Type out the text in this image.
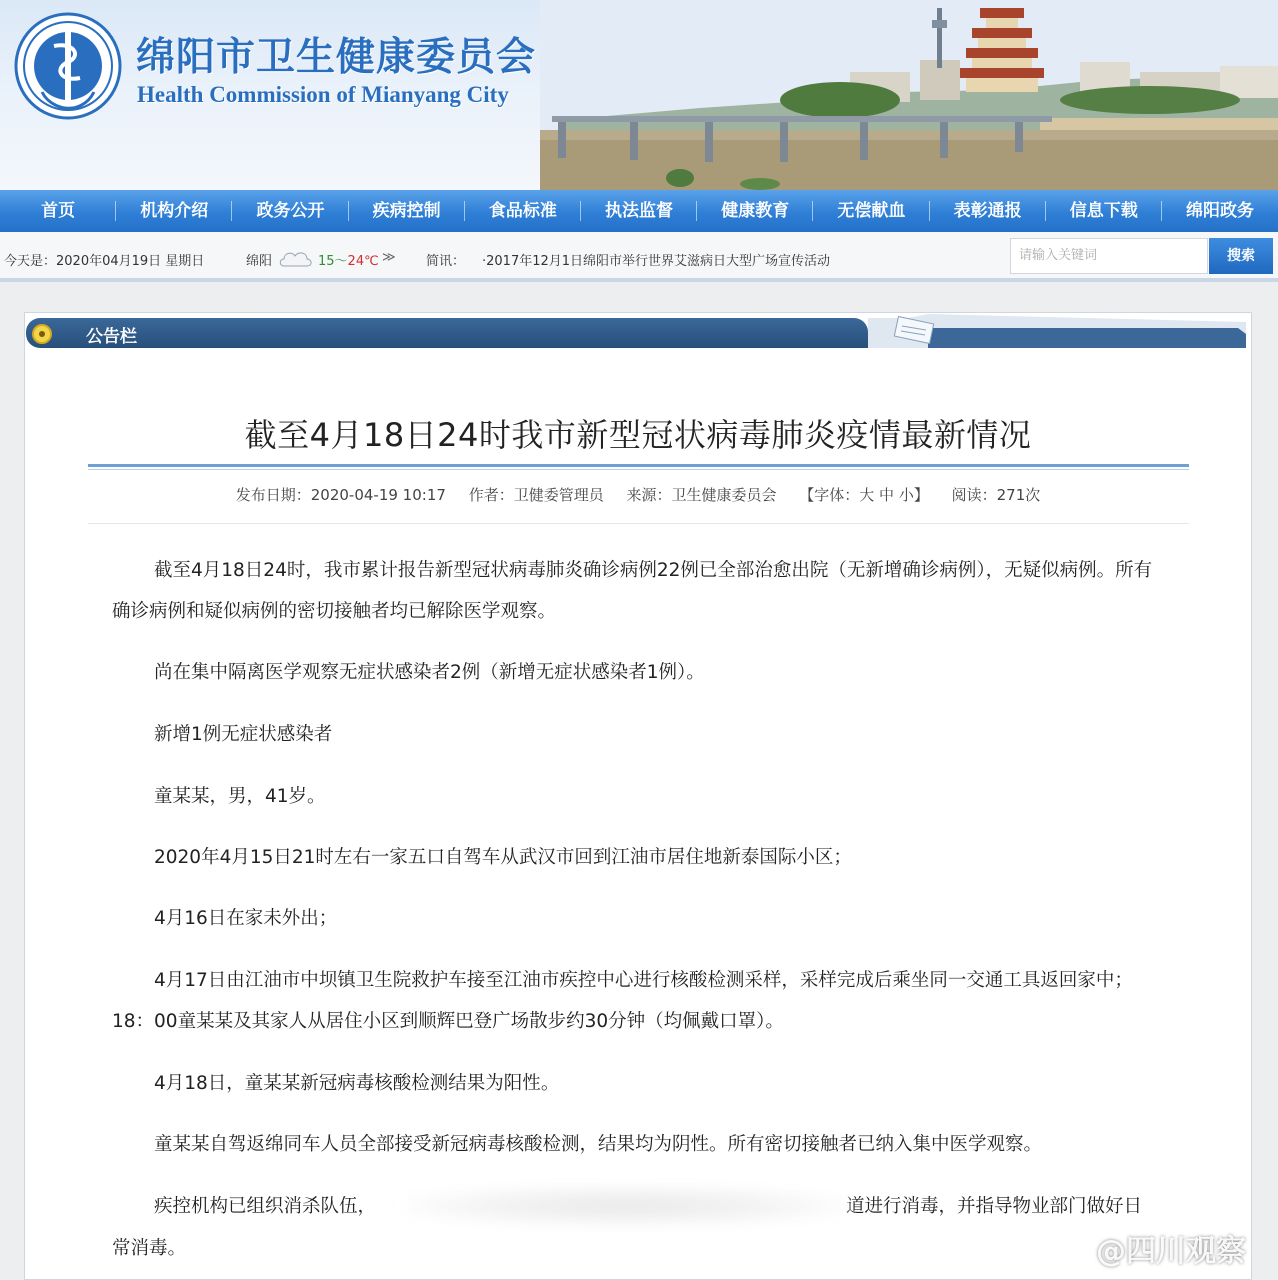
绵阳市卫生健康委员会
Health Commission of Mianyang City
首页	机构介绍	政务公开	疾病控制	食品标准	执法监督	健康教育	无偿献血	表彰通报	信息下载	绵阳政务
今天是：2020年04月19日 星期日	绵阳	15～24℃ ≫ 简讯： ·2017年12月1日绵阳市举行世界艾滋病日大型广场宣传活动	请输入关键词	搜索
公告栏
截至4月18日24时我市新型冠状病毒肺炎疫情最新情况
发布日期：2020-04-19 10:17 作者：卫健委管理员 来源：卫生健康委员会 【字体：大 中 小】 阅读：271次

截至4月18日24时，我市累计报告新型冠状病毒肺炎确诊病例22例已全部治愈出院（无新增确诊病例），无疑似病例。所有确诊病例和疑似病例的密切接触者均已解除医学观察。

尚在集中隔离医学观察无症状感染者2例（新增无症状感染者1例）。

新增1例无症状感染者

童某某，男，41岁。

2020年4月15日21时左右一家五口自驾车从武汉市回到江油市居住地新泰国际小区；

4月16日在家未外出；

4月17日由江油市中坝镇卫生院救护车接至江油市疾控中心进行核酸检测采样，采样完成后乘坐同一交通工具返回家中；18：00童某某及其家人从居住小区到顺辉巴登广场散步约30分钟（均佩戴口罩）。

4月18日，童某某新冠病毒核酸检测结果为阳性。

童某某自驾返绵同车人员全部接受新冠病毒核酸检测，结果均为阴性。所有密切接触者已纳入集中医学观察。

疾控机构已组织消杀队伍，	道进行消毒，并指导物业部门做好日

常消毒。	@四川观察
